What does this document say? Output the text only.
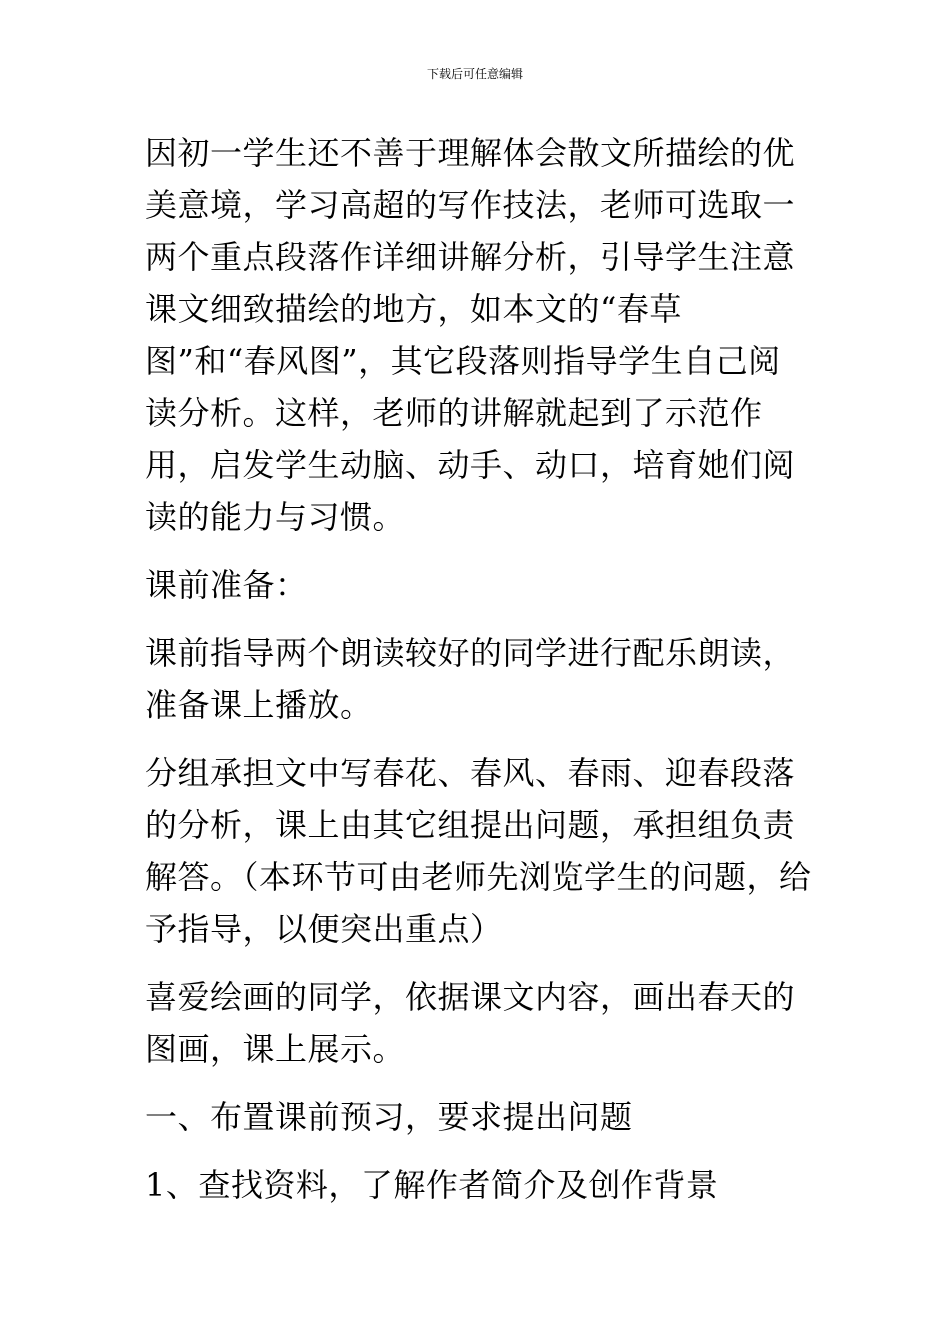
下载后可任意编辑

因初一学生还不善于理解体会散文所描绘的优美意境，学习高超的写作技法，老师可选取一两个重点段落作详细讲解分析，引导学生注意课文细致描绘的地方，如本文的“春草图”和“春风图”，其它段落则指导学生自己阅读分析。这样，老师的讲解就起到了示范作用，启发学生动脑、动手、动口，培育她们阅读的能力与习惯。

课前准备：

课前指导两个朗读较好的同学进行配乐朗读，准备课上播放。

分组承担文中写春花、春风、春雨、迎春段落的分析，课上由其它组提出问题，承担组负责解答。（本环节可由老师先浏览学生的问题，给予指导，以便突出重点）

喜爱绘画的同学，依据课文内容，画出春天的图画，课上展示。

一、布置课前预习，要求提出问题

1、查找资料，了解作者简介及创作背景
